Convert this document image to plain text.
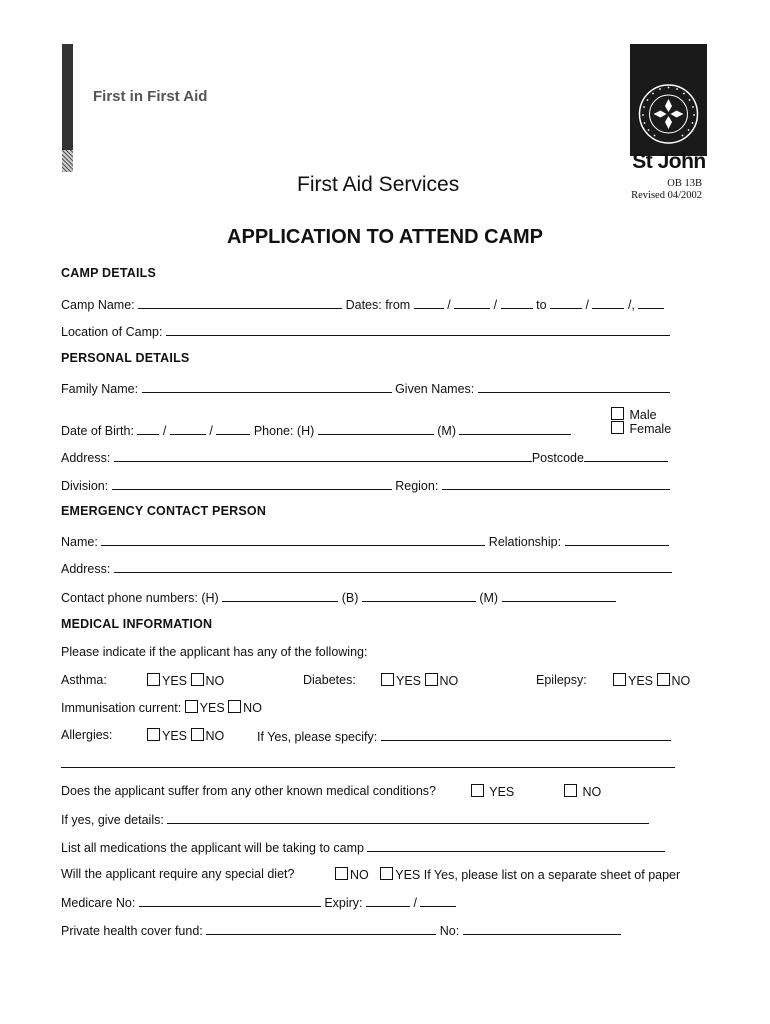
First in First Aid
St John
First Aid Services	OB 13B
Revised 04/2002
APPLICATION TO ATTEND CAMP
CAMP DETAILS
Camp Name:	Dates: from	/	/	to	/	/,
Location of Camp:
PERSONAL DETAILS
Family Name:	Given Names:
Date of Birth: /	/	Phone: (H)	(M)
Male
Female
Address:	Postcode
Division:	Region:
EMERGENCY CONTACT PERSON
Name:	Relationship:
Address:
Contact phone numbers: (H)	(B)	(M)
MEDICAL INFORMATION
Please indicate if the applicant has any of the following:
Asthma:	YES NO	Diabetes:	YES NO	Epilepsy:	YES NO
Immunisation current: YES NO
Allergies:	YES NO	If Yes, please specify:
Does the applicant suffer from any other known medical conditions?	YES	NO
If yes, give details:
List all medications the applicant will be taking to camp
Will the applicant require any special diet?	NO YES If Yes, please list on a separate sheet of paper
Medicare No:	Expiry:	/
Private health cover fund:	No:
